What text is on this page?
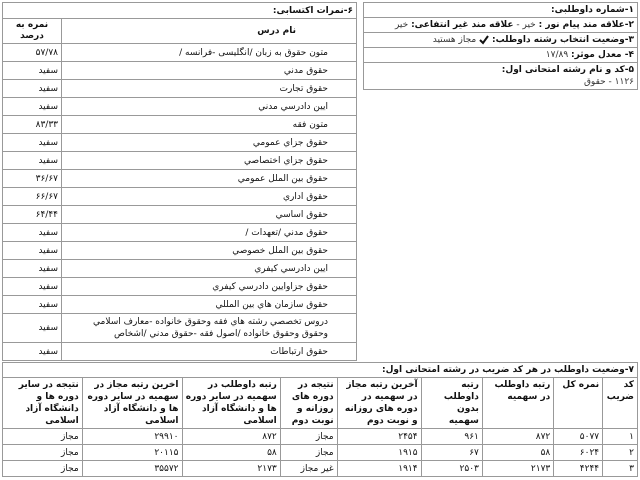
۶-نمرات اکتسابی:	
نام درس	نمره به درصد
متون حقوق به زبان /انگلیسی -فرانسه /	۵۷/۷۸
حقوق مدني	سفید
حقوق تجارت	سفید
ایین دادرسي مدني	سفید
متون فقه	۸۳/۳۳
حقوق جزاي عمومي	سفید
حقوق جزاي اختصاصي	سفید
حقوق بین الملل عمومي	۳۶/۶۷
حقوق اداري	۶۶/۶۷
حقوق اساسي	۶۴/۴۴
حقوق مدني /تعهدات /	سفید
حقوق بین الملل خصوصي	سفید
ایین دادرسي کیفري	سفید
حقوق جزاوایین دادرسي کیفري	سفید
حقوق سازمان هاي بین المللي	سفید
دروس تخصصي رشته هاي فقه وحقوق خانواده -معارف اسلامي وحقوق وحقوق خانواده /اصول فقه -حقوق مدني /اشخاص	سفید
حقوق ارتباطات	سفید
۱-شماره داوطلبی:
۲-علاقه مند پیام نور : خیر - علاقه مند غیر انتفاعی: خیر
۳-وضعیت انتخاب رشته داوطلب:  مجاز هستید
۴- معدل موثر: ۱۷/۸۹
۵-کد و نام رشته امتحانی اول:
۱۱۲۶ - حقوق
۷-وضعیت داوطلب در هر کد ضریب در رشته امتحانی اول:								
کد ضریب	نمره کل	رتبه داوطلب در سهمیه	رتبه داوطلب بدون سهمیه	آخرین رتبه مجاز در سهمیه در دوره های روزانه و نوبت دوم	نتیجه در دوره های روزانه و نوبت دوم	رتبه داوطلب در سهمیه در سایر دوره ها و دانشگاه آزاد اسلامی	اخرین رتبه مجاز در سهمیه در سایر دوره ها و دانشگاه آزاد اسلامی	نتیجه در سایر دوره ها و دانشگاه آزاد اسلامی
۱	۵۰۷۷	۸۷۲	۹۶۱	۲۴۵۴	مجاز	۸۷۲	۲۹۹۱۰	مجاز
۲	۶۰۲۴	۵۸	۶۷	۱۹۱۵	مجاز	۵۸	۲۰۱۱۵	مجاز
۳	۴۲۴۴	۲۱۷۳	۲۵۰۳	۱۹۱۴	غیر مجاز	۲۱۷۳	۳۵۵۷۲	مجاز
